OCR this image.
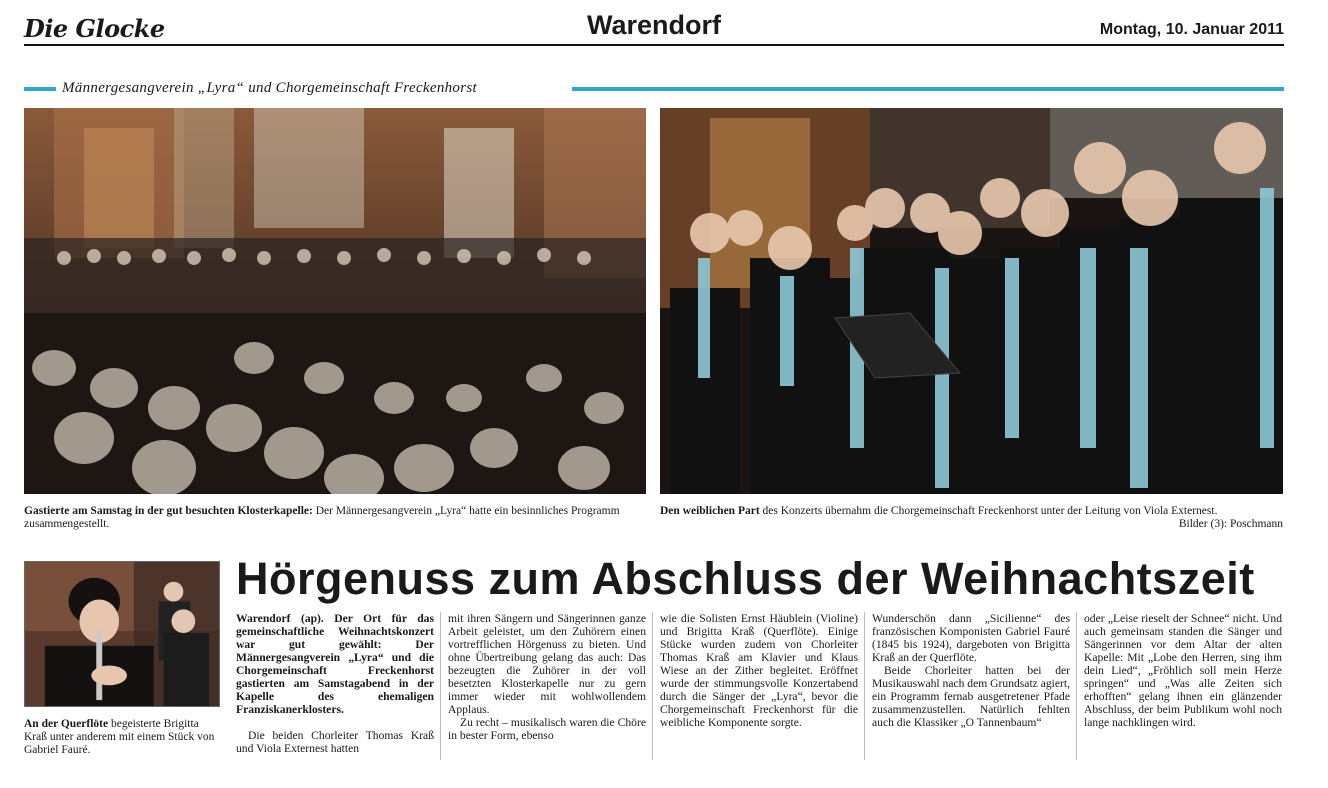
Die Glocke	Warendorf	Montag, 10. Januar 2011
Männergesangverein „Lyra“ und Chorgemeinschaft Freckenhorst
Gastierte am Samstag in der gut besuchten Klosterkapelle: Der Männergesangverein „Lyra“ hatte ein besinnliches Programm zusammengestellt.
Den weiblichen Part des Konzerts übernahm die Chorgemeinschaft Freckenhorst unter der Leitung von Viola Externest.
Bilder (3): Poschmann
An der Querflöte begeisterte Brigitta Kraß unter anderem mit einem Stück von Gabriel Fauré.
Hörgenuss zum Abschluss der Weihnachtszeit

Warendorf (ap). Der Ort für das gemeinschaftliche Weihnachtskonzert war gut gewählt: Der Männergesangverein „Lyra“ und die Chorgemeinschaft Freckenhorst gastierten am Samstagabend in der Kapelle des ehemaligen Franziskanerklosters.

Die beiden Chorleiter Thomas Kraß und Viola Externest hatten

mit ihren Sängern und Sängerinnen ganze Arbeit geleistet, um den Zuhörern einen vortrefflichen Hörgenuss zu bieten. Und ohne Übertreibung gelang das auch: Das bezeugten die Zuhörer in der voll besetzten Klosterkapelle nur zu gern immer wieder mit wohlwollendem Applaus.

Zu recht – musikalisch waren die Chöre in bester Form, ebenso

wie die Solisten Ernst Häublein (Violine) und Brigitta Kraß (Querflöte). Einige Stücke wurden zudem von Chorleiter Thomas Kraß am Klavier und Klaus Wiese an der Zither begleitet. Eröffnet wurde der stimmungsvolle Konzertabend durch die Sänger der „Lyra“, bevor die Chorgemeinschaft Freckenhorst für die weibliche Komponente sorgte.

Wunderschön dann „Sicilienne“ des französischen Komponisten Gabriel Fauré (1845 bis 1924), dargeboten von Brigitta Kraß an der Querflöte.

Beide Chorleiter hatten bei der Musikauswahl nach dem Grundsatz agiert, ein Programm fernab ausgetretener Pfade zusammenzustellen. Natürlich fehlten auch die Klassiker „O Tannenbaum“

oder „Leise rieselt der Schnee“ nicht. Und auch gemeinsam standen die Sänger und Sängerinnen vor dem Altar der alten Kapelle: Mit „Lobe den Herren, sing ihm dein Lied“, „Fröhlich soll mein Herze springen“ und „Was alle Zeiten sich erhofften“ gelang ihnen ein glänzender Abschluss, der beim Publikum wohl noch lange nachklingen wird.
